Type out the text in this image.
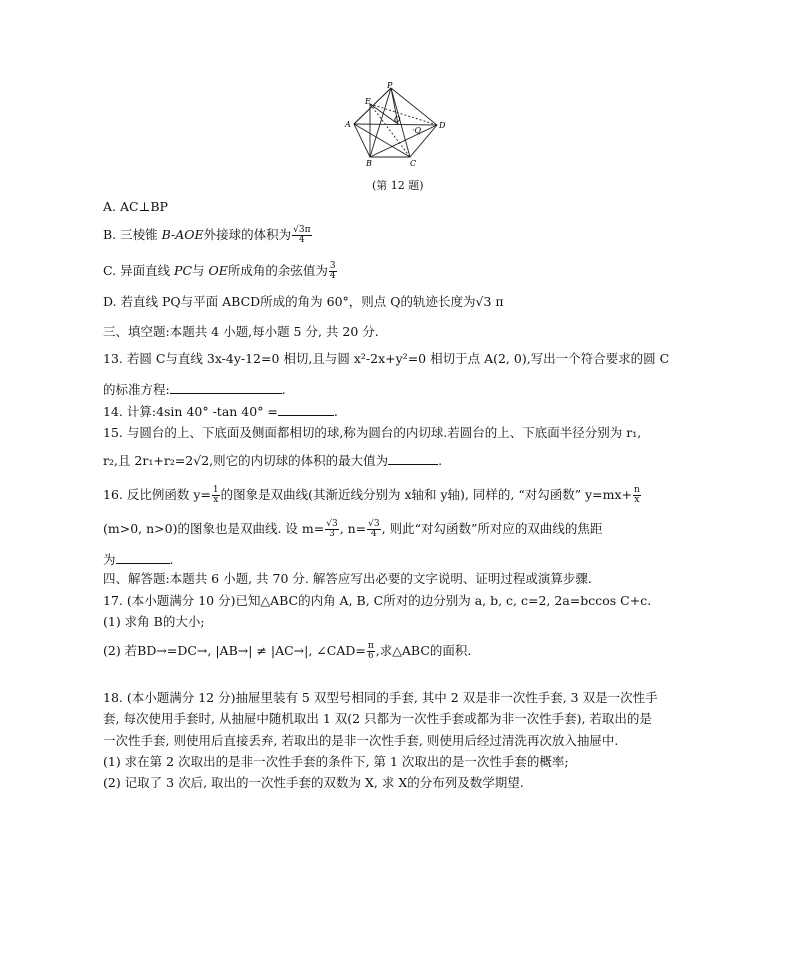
P
E
A
O
D
·Q
B	C
(第 12 题)
A. AC⊥BP
B. 三棱锥 B-AOE外接球的体积为 $\frac{√3\pi}{4}$
C. 异面直线 PC与 OE所成角的余弦值为 $\frac{3}{4}$
D. 若直线 PQ与平面 ABCD所成的角为 60°，则点 Q的轨迹长度为√3 π
三、填空题:本题共 4 小题,每小题 5 分, 共 20 分.
13. 若圆 C与直线 3x-4y-12=0 相切,且与圆 x²-2x+y²=0 相切于点 A(2, 0),写出一个符合要求的圆 C
的标准方程:	.
14. 计算:4sin 40° -tan 40° =	.
15. 与圆台的上、下底面及侧面都相切的球,称为圆台的内切球.若圆台的上、下底面半径分别为 r₁,
r₂,且 2r₁+r₂=2√2,则它的内切球的体积的最大值为	.
16. 反比例函数 $y= \frac{1}{x}$ 的图象是双曲线(其渐近线分别为 x轴和 y轴), 同样的, “对勾函数” $y=mx+ \frac{n}{x}$
(m>0, n>0)的图象也是双曲线. 设 $m= \frac{√3}{3}$ , $n= \frac{√3}{4}$ , 则此“对勾函数”所对应的双曲线的焦距
为	.
四、解答题:本题共 6 小题, 共 70 分. 解答应写出必要的文字说明、证明过程或演算步骤.
17. (本小题满分 10 分)已知△ABC的内角 A, B, C所对的边分别为 a, b, c, c=2, 2a=bccos C+c.
(1) 求角 B的大小;
(2) 若BD→=DC→, |AB→| ≠ |AC→|, ∠CAD= $\frac{\pi}{6}$ ,求△ABC的面积.
18. (本小题满分 12 分)抽屉里装有 5 双型号相同的手套, 其中 2 双是非一次性手套, 3 双是一次性手
套, 每次使用手套时, 从抽屉中随机取出 1 双(2 只都为一次性手套或都为非一次性手套), 若取出的是
一次性手套, 则使用后直接丢弃, 若取出的是非一次性手套, 则使用后经过清洗再次放入抽屉中.
(1) 求在第 2 次取出的是非一次性手套的条件下, 第 1 次取出的是一次性手套的概率;
(2) 记取了 3 次后, 取出的一次性手套的双数为 X, 求 X的分布列及数学期望.
